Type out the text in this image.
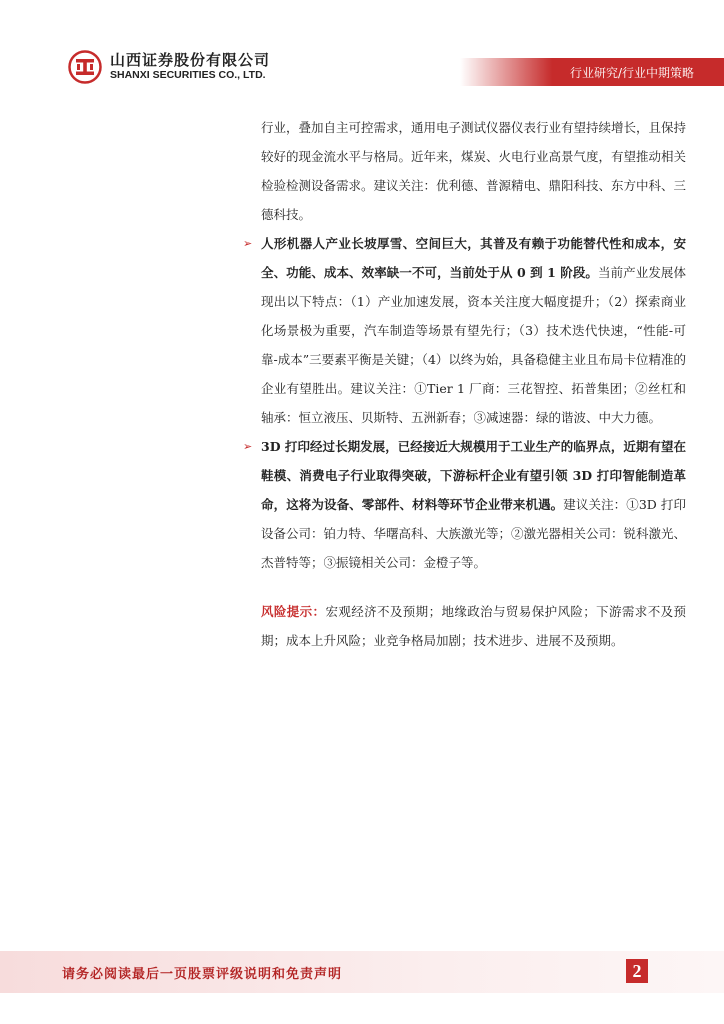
山西证券股份有限公司
SHANXI SECURITIES CO., LTD.	行业研究/行业中期策略

行业，叠加自主可控需求，通用电子测试仪器仪表行业有望持续增长，且保持较好的现金流水平与格局。近年来，煤炭、火电行业高景气度，有望推动相关检验检测设备需求。建议关注：优利德、普源精电、鼎阳科技、东方中科、三德科技。

➢ 人形机器人产业长坡厚雪、空间巨大，其普及有赖于功能替代性和成本，安全、功能、成本、效率缺一不可，当前处于从 0 到 1 阶段。当前产业发展体现出以下特点：（1）产业加速发展，资本关注度大幅度提升；（2）探索商业化场景极为重要，汽车制造等场景有望先行；（3）技术迭代快速，“性能-可靠-成本”三要素平衡是关键；（4）以终为始，具备稳健主业且布局卡位精准的企业有望胜出。建议关注：①Tier 1 厂商：三花智控、拓普集团；②丝杠和轴承：恒立液压、贝斯特、五洲新春；③减速器：绿的谐波、中大力德。

➢ 3D 打印经过长期发展，已经接近大规模用于工业生产的临界点，近期有望在鞋模、消费电子行业取得突破，下游标杆企业有望引领 3D 打印智能制造革命，这将为设备、零部件、材料等环节企业带来机遇。建议关注：①3D 打印设备公司：铂力特、华曙高科、大族激光等；②激光器相关公司：锐科激光、杰普特等；③振镜相关公司：金橙子等。

风险提示：宏观经济不及预期；地缘政治与贸易保护风险；下游需求不及预期；成本上升风险；业竞争格局加剧；技术进步、进展不及预期。

请务必阅读最后一页股票评级说明和免责声明	2
